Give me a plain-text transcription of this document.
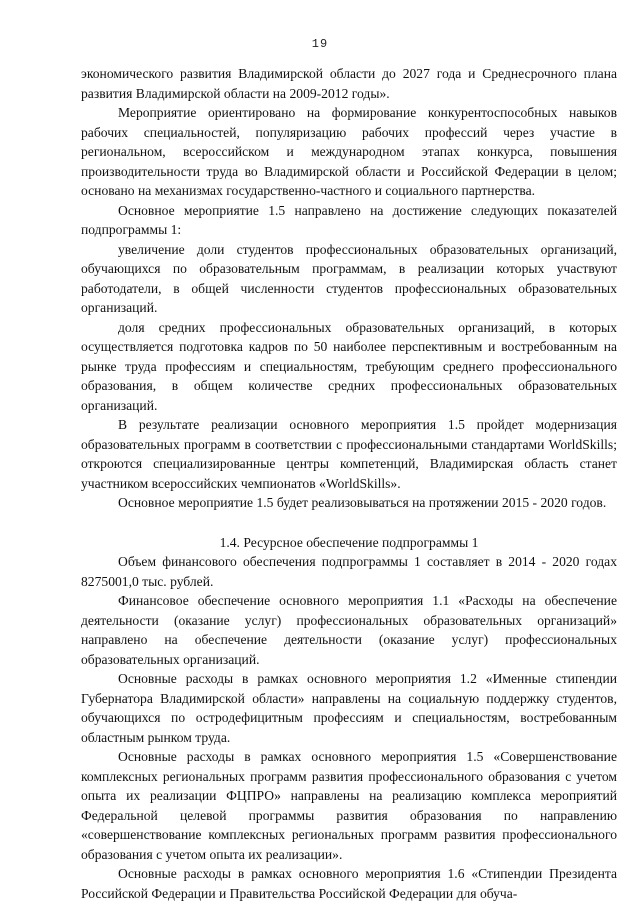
19

экономического развития Владимирской области до 2027 года и Среднесрочного плана развития Владимирской области на 2009-2012 годы».

Мероприятие ориентировано на формирование конкурентоспособных навыков рабочих специальностей, популяризацию рабочих профессий через участие в региональном, всероссийском и международном этапах конкурса, повышения производительности труда во Владимирской области и Российской Федерации в целом; основано на механизмах государственно-частного и социального партнерства.

Основное мероприятие 1.5 направлено на достижение следующих показателей подпрограммы 1:

увеличение доли студентов профессиональных образовательных организаций, обучающихся по образовательным программам, в реализации которых участвуют работодатели, в общей численности студентов профессиональных образовательных организаций.

доля средних профессиональных образовательных организаций, в которых осуществляется подготовка кадров по 50 наиболее перспективным и востребованным на рынке труда профессиям и специальностям, требующим среднего профессионального образования, в общем количестве средних профессиональных образовательных организаций.

В результате реализации основного мероприятия 1.5 пройдет модернизация образовательных программ в соответствии с профессиональными стандартами WorldSkills; откроются специализированные центры компетенций, Владимирская область станет участником всероссийских чемпионатов «WorldSkills».

Основное мероприятие 1.5 будет реализовываться на протяжении 2015 - 2020 годов.

1.4. Ресурсное обеспечение подпрограммы 1

Объем финансового обеспечения подпрограммы 1 составляет в 2014 - 2020 годах 8275001,0 тыс. рублей.

Финансовое обеспечение основного мероприятия 1.1 «Расходы на обеспечение деятельности (оказание услуг) профессиональных образовательных организаций» направлено на обеспечение деятельности (оказание услуг) профессиональных образовательных организаций.

Основные расходы в рамках основного мероприятия 1.2 «Именные стипендии Губернатора Владимирской области» направлены на социальную поддержку студентов, обучающихся по остродефицитным профессиям и специальностям, востребованным областным рынком труда.

Основные расходы в рамках основного мероприятия 1.5 «Совершенствование комплексных региональных программ развития профессионального образования с учетом опыта их реализации ФЦПРО» направлены на реализацию комплекса мероприятий Федеральной целевой программы развития образования по направлению «совершенствование комплексных региональных программ развития профессионального образования с учетом опыта их реализации».

Основные расходы в рамках основного мероприятия 1.6 «Стипендии Президента Российской Федерации и Правительства Российской Федерации для обуча-
